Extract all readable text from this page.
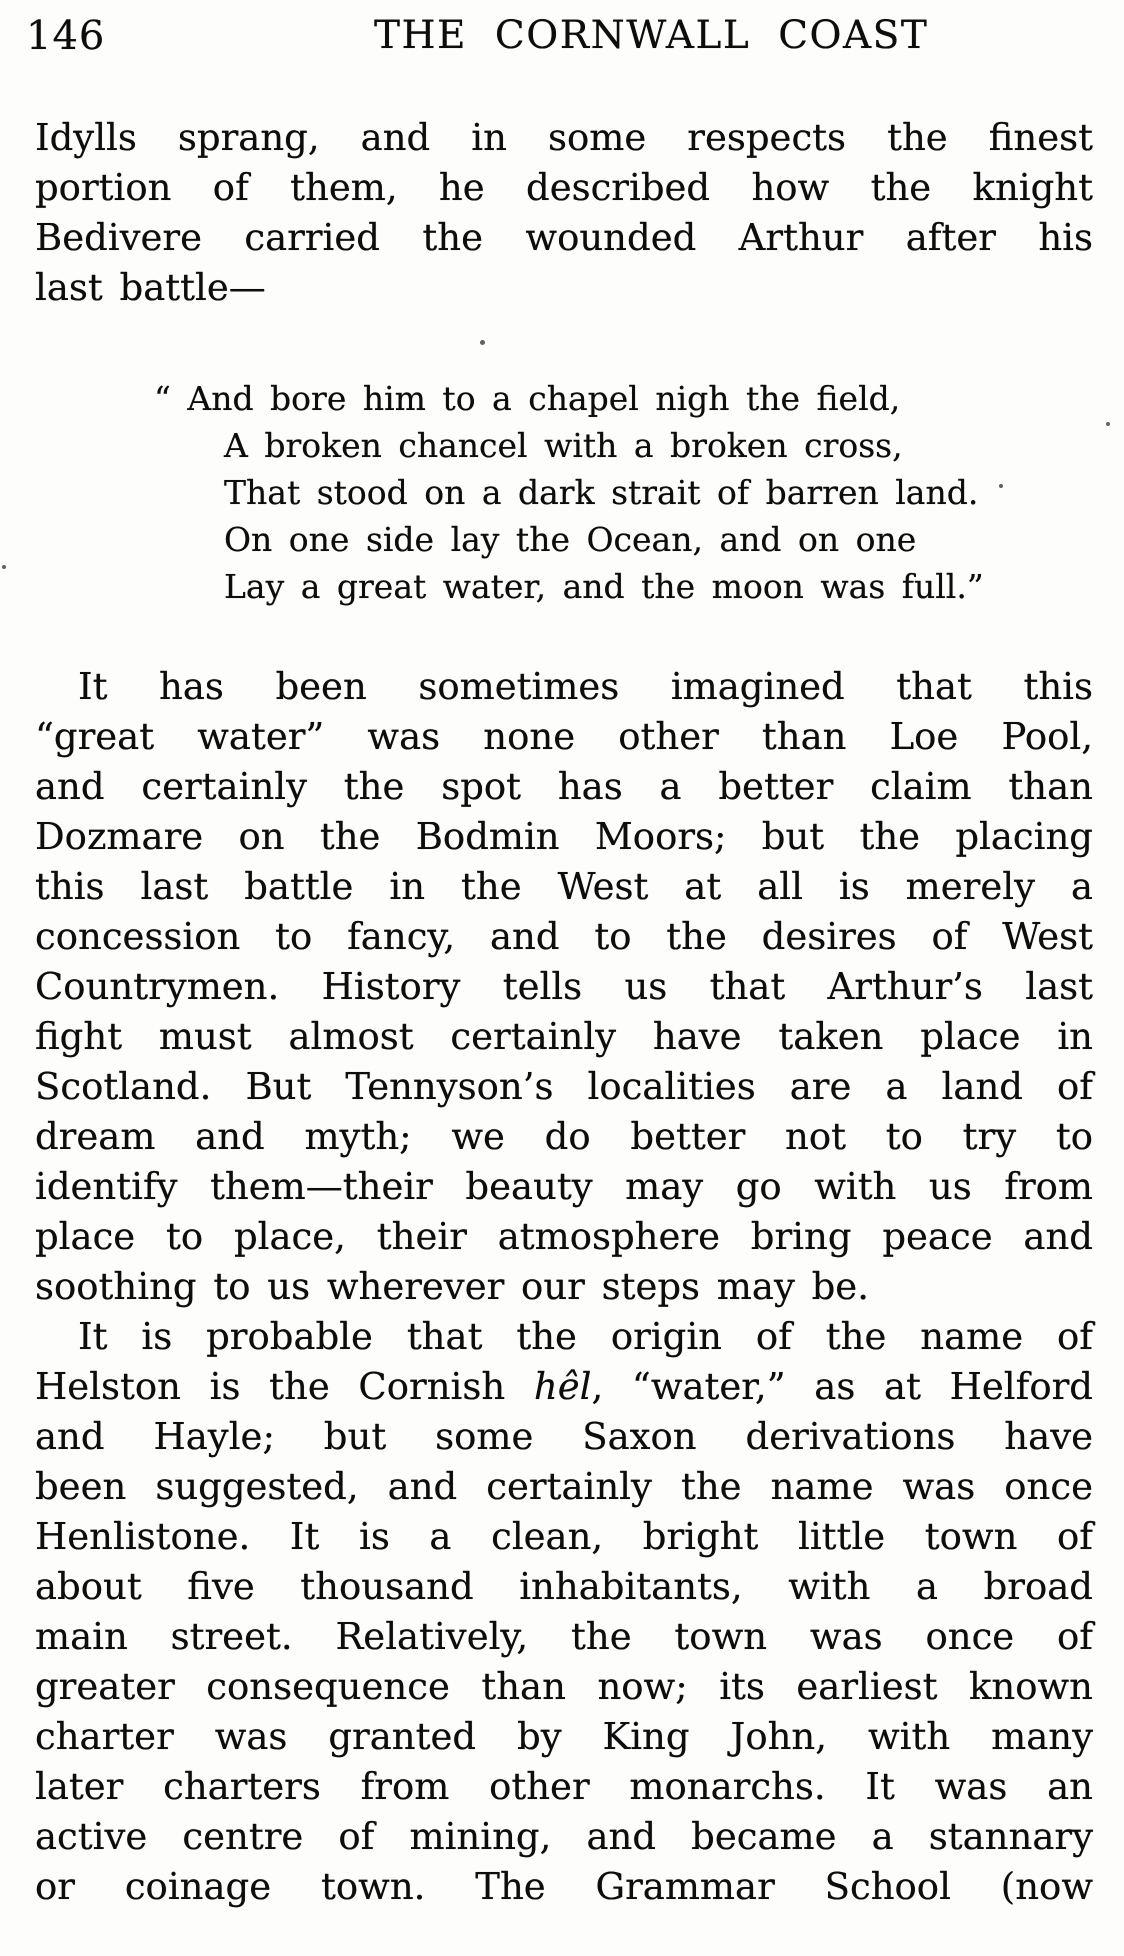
146	THE CORNWALL COAST
Idylls sprang, and in some respects the finest
portion of them, he described how the knight
Bedivere carried the wounded Arthur after his
last battle—
“ And bore him to a chapel nigh the field,
A broken chancel with a broken cross,
That stood on a dark strait of barren land.
On one side lay the Ocean, and on one
Lay a great water, and the moon was full.”
It has been sometimes imagined that this
“great water” was none other than Loe Pool,
and certainly the spot has a better claim than
Dozmare on the Bodmin Moors; but the placing
this last battle in the West at all is merely a
concession to fancy, and to the desires of West
Countrymen. History tells us that Arthur’s last
fight must almost certainly have taken place in
Scotland. But Tennyson’s localities are a land of
dream and myth; we do better not to try to
identify them—their beauty may go with us from
place to place, their atmosphere bring peace and
soothing to us wherever our steps may be.
It is probable that the origin of the name of
Helston is the Cornish hêl, “water,” as at Helford
and Hayle; but some Saxon derivations have
been suggested, and certainly the name was once
Henlistone. It is a clean, bright little town of
about five thousand inhabitants, with a broad
main street. Relatively, the town was once of
greater consequence than now; its earliest known
charter was granted by King John, with many
later charters from other monarchs. It was an
active centre of mining, and became a stannary
or coinage town. The Grammar School (now
